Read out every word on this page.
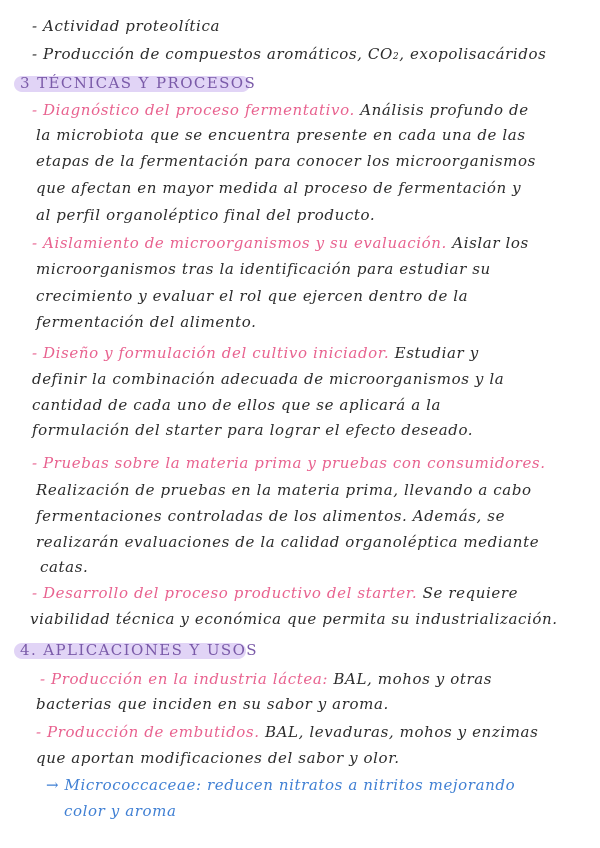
- Actividad proteolítica
- Producción de compuestos aromáticos, CO2, exopolisacáridos
3 TÉCNICAS Y PROCESOS
- Diagnóstico del proceso fermentativo. Análisis profundo de
la microbiota que se encuentra presente en cada una de las
etapas de la fermentación para conocer los microorganismos
que afectan en mayor medida al proceso de fermentación y
al perfil organoléptico final del producto.
- Aislamiento de microorganismos y su evaluación. Aislar los
microorganismos tras la identificación para estudiar su
crecimiento y evaluar el rol que ejercen dentro de la
fermentación del alimento.
- Diseño y formulación del cultivo iniciador. Estudiar y
definir la combinación adecuada de microorganismos y la
cantidad de cada uno de ellos que se aplicará a la
formulación del starter para lograr el efecto deseado.
- Pruebas sobre la materia prima y pruebas con consumidores.
Realización de pruebas en la materia prima, llevando a cabo
fermentaciones controladas de los alimentos. Además, se
realizarán evaluaciones de la calidad organoléptica mediante
catas.
- Desarrollo del proceso productivo del starter. Se requiere
viabilidad técnica y económica que permita su industrialización.
4. APLICACIONES Y USOS
- Producción en la industria láctea: BAL, mohos y otras
bacterias que inciden en su sabor y aroma.
- Producción de embutidos. BAL, levaduras, mohos y enzimas
que aportan modificaciones del sabor y olor.
→ Micrococcaceae: reducen nitratos a nitritos mejorando
color y aroma
